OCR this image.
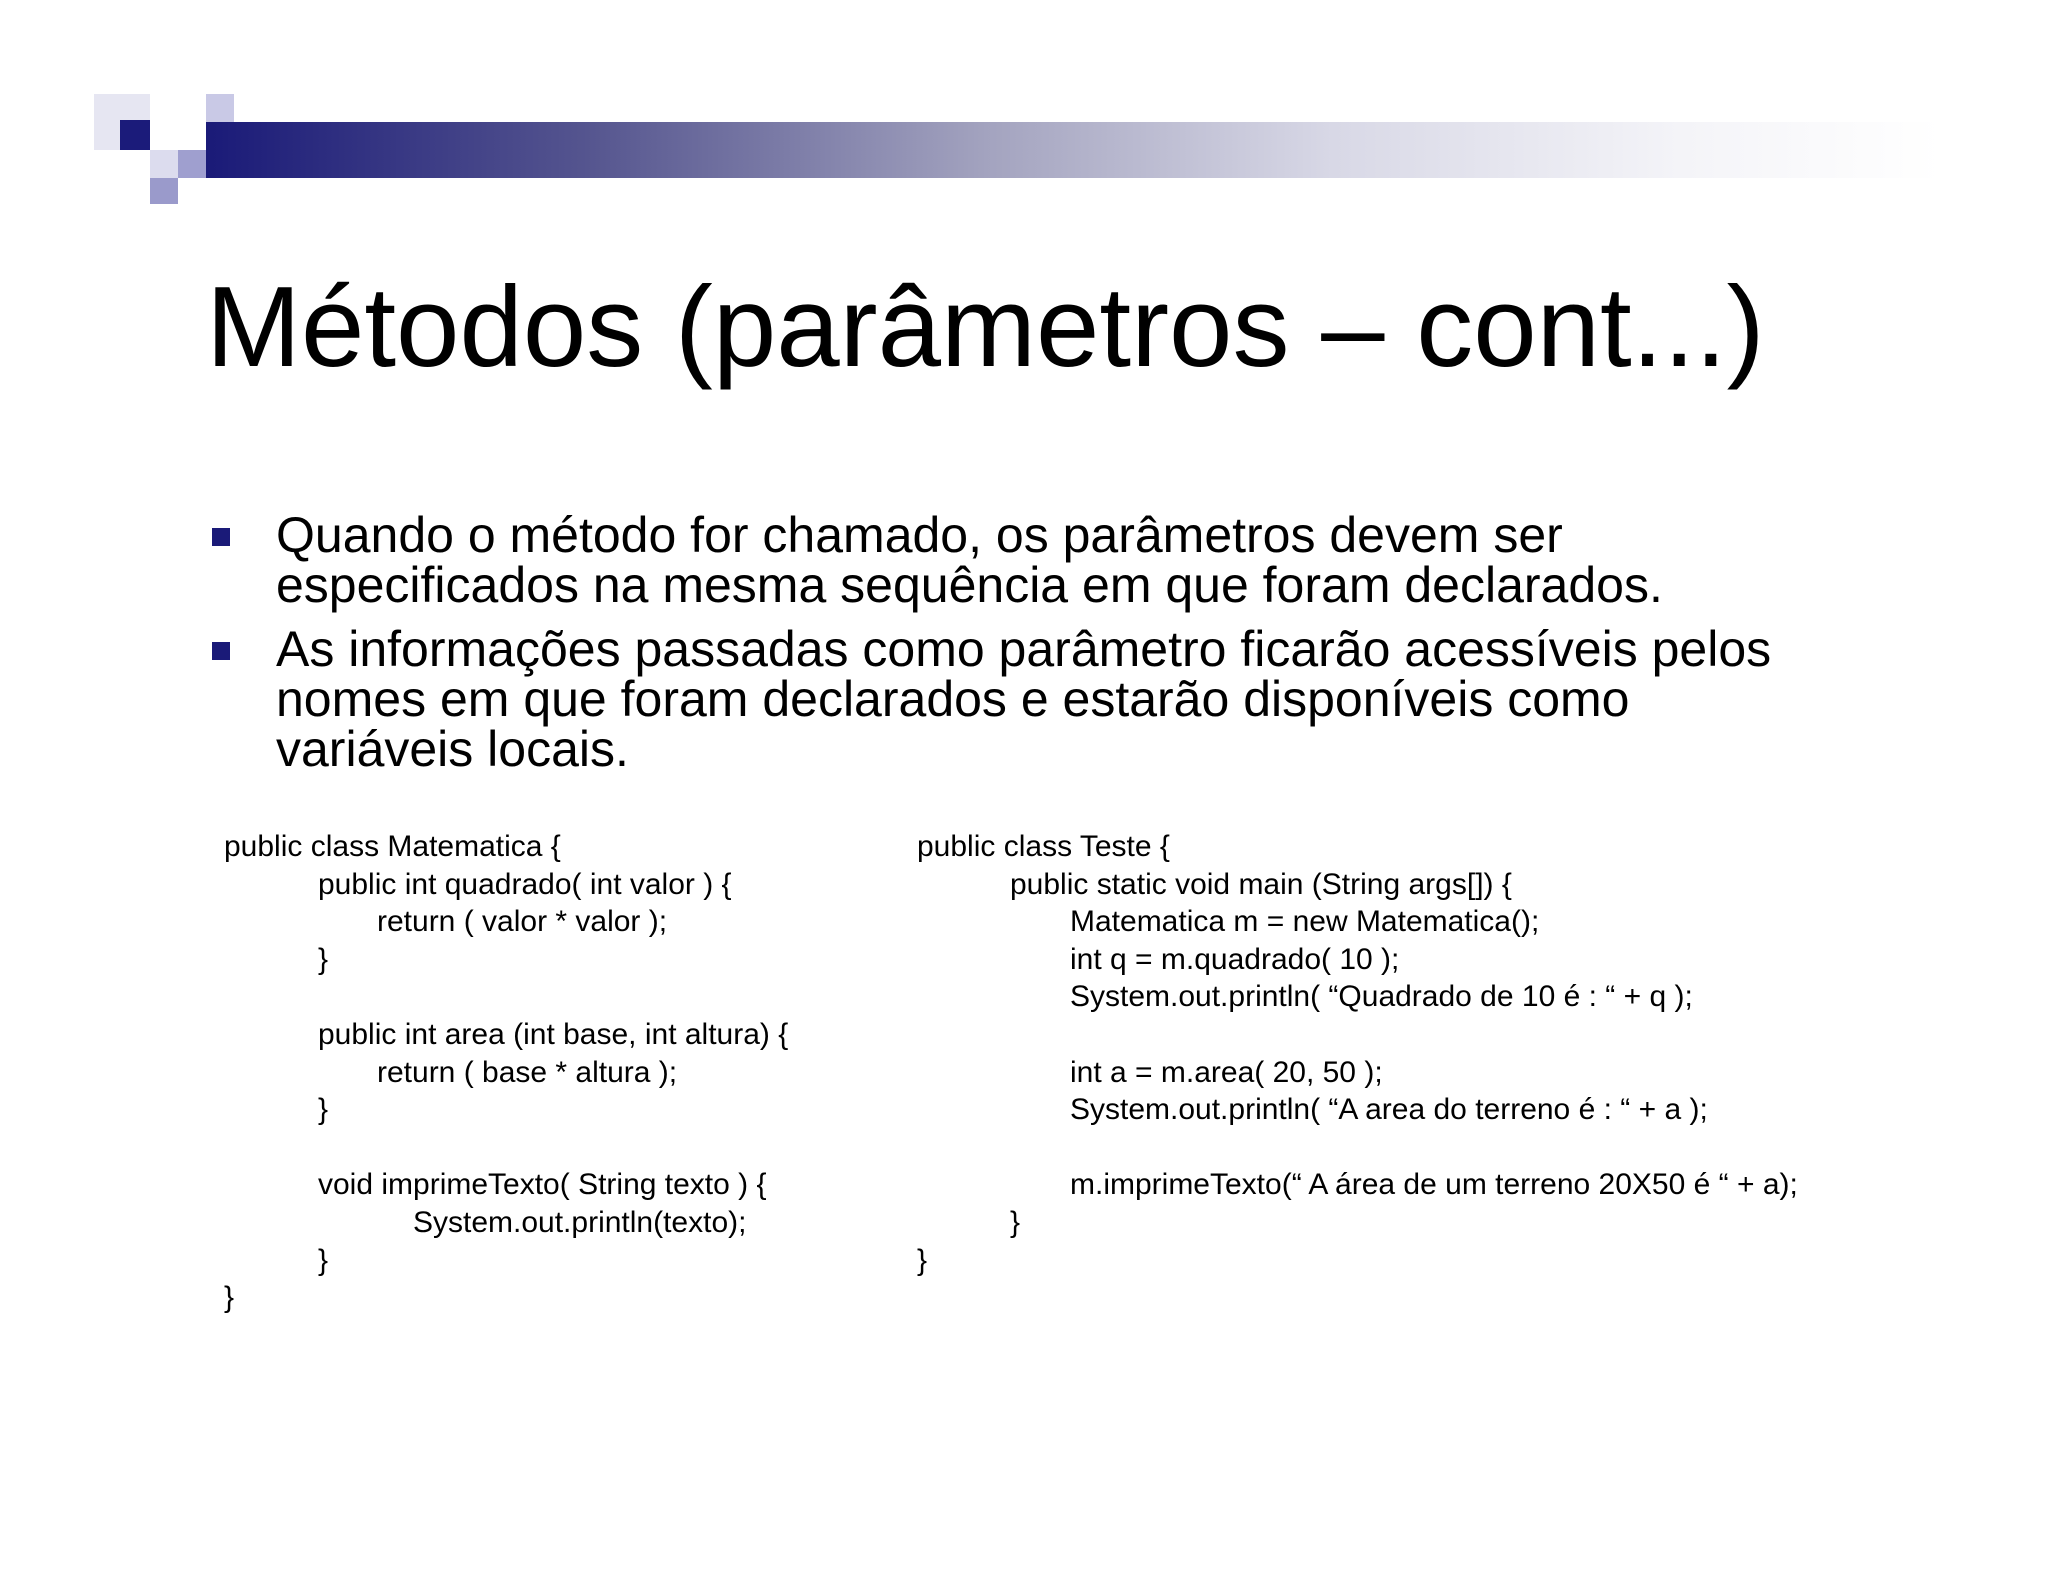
Métodos (parâmetros – cont...)
Quando o método for chamado, os parâmetros devem ser
especificados na mesma sequência em que foram declarados.
As informações passadas como parâmetro ficarão acessíveis pelos
nomes em que foram declarados e estarão disponíveis como
variáveis locais.
public class Matematica {
public int quadrado( int valor ) {
return ( valor * valor );
}
public int area (int base, int altura) {
return ( base * altura );
}
void imprimeTexto( String texto ) {
System.out.println(texto);
}
}
public class Teste {
public static void main (String args[]) {
Matematica m = new Matematica();
int q = m.quadrado( 10 );
System.out.println( “Quadrado de 10 é : “ + q );
int a = m.area( 20, 50 );
System.out.println( “A area do terreno é : “ + a );
m.imprimeTexto(“ A área de um terreno 20X50 é “ + a);
}
}
